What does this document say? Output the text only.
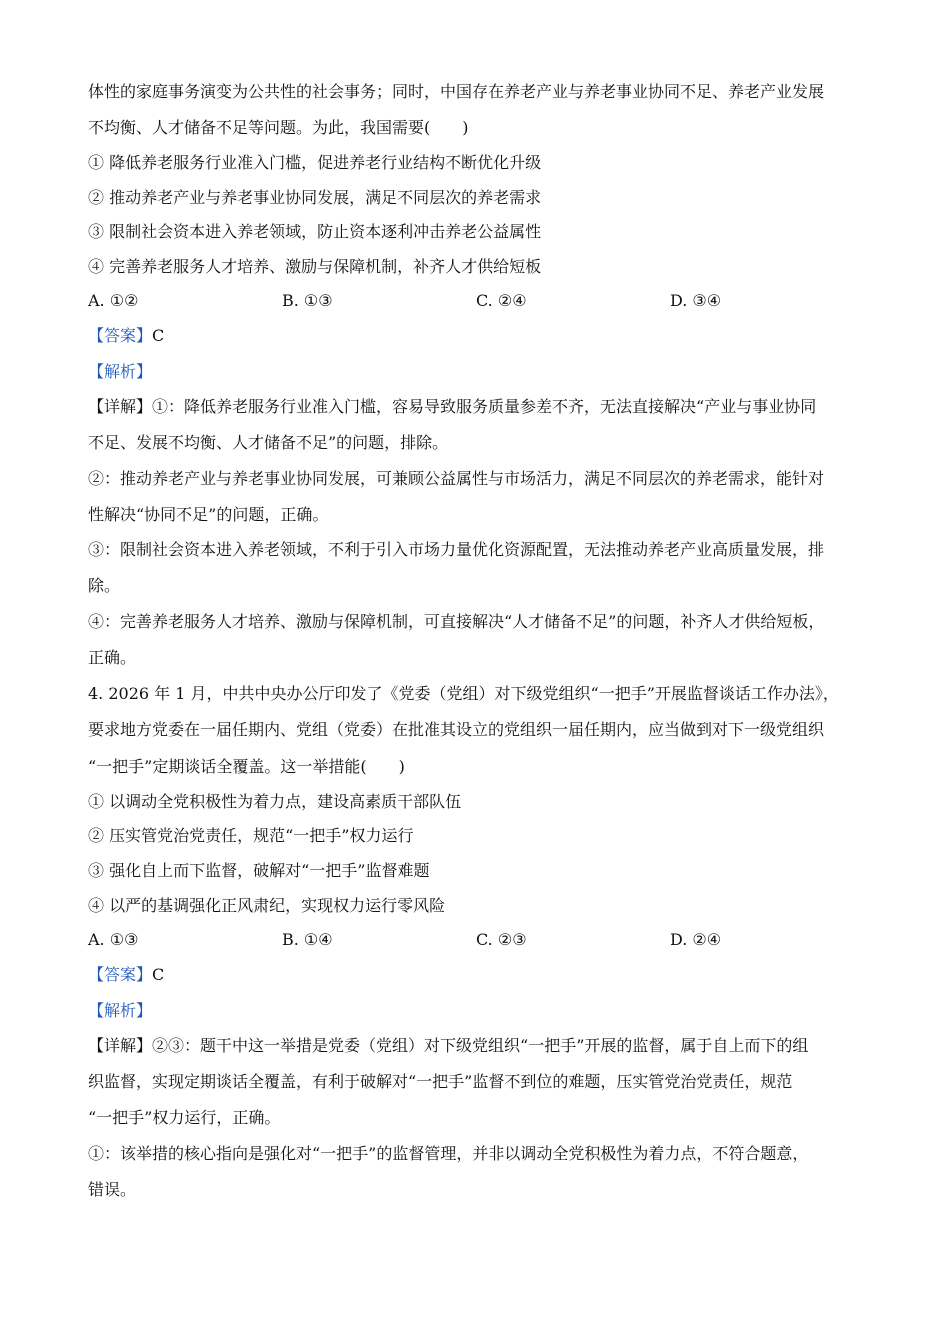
体性的家庭事务演变为公共性的社会事务；同时，中国存在养老产业与养老事业协同不足、养老产业发展
不均衡、人才储备不足等问题。为此，我国需要(　　)
① 降低养老服务行业准入门槛，促进养老行业结构不断优化升级
② 推动养老产业与养老事业协同发展，满足不同层次的养老需求
③ 限制社会资本进入养老领域，防止资本逐利冲击养老公益属性
④ 完善养老服务人才培养、激励与保障机制，补齐人才供给短板
A. ①②	B. ①③	C. ②④	D. ③④
【答案】C
【解析】
【详解】①：降低养老服务行业准入门槛，容易导致服务质量参差不齐，无法直接解决“产业与事业协同
不足、发展不均衡、人才储备不足”的问题，排除。
②：推动养老产业与养老事业协同发展，可兼顾公益属性与市场活力，满足不同层次的养老需求，能针对
性解决“协同不足”的问题，正确。
③：限制社会资本进入养老领域，不利于引入市场力量优化资源配置，无法推动养老产业高质量发展，排
除。
④：完善养老服务人才培养、激励与保障机制，可直接解决“人才储备不足”的问题，补齐人才供给短板，
正确。
4. 2026 年 1 月，中共中央办公厅印发了《党委（党组）对下级党组织“一把手”开展监督谈话工作办法》，
要求地方党委在一届任期内、党组（党委）在批准其设立的党组织一届任期内，应当做到对下一级党组织
“一把手”定期谈话全覆盖。这一举措能(　　)
① 以调动全党积极性为着力点，建设高素质干部队伍
② 压实管党治党责任，规范“一把手”权力运行
③ 强化自上而下监督，破解对“一把手”监督难题
④ 以严的基调强化正风肃纪，实现权力运行零风险
A. ①③	B. ①④	C. ②③	D. ②④
【答案】C
【解析】
【详解】②③：题干中这一举措是党委（党组）对下级党组织“一把手”开展的监督，属于自上而下的组
织监督，实现定期谈话全覆盖，有利于破解对“一把手”监督不到位的难题，压实管党治党责任，规范
“一把手”权力运行，正确。
①：该举措的核心指向是强化对“一把手”的监督管理，并非以调动全党积极性为着力点，不符合题意，
错误。
